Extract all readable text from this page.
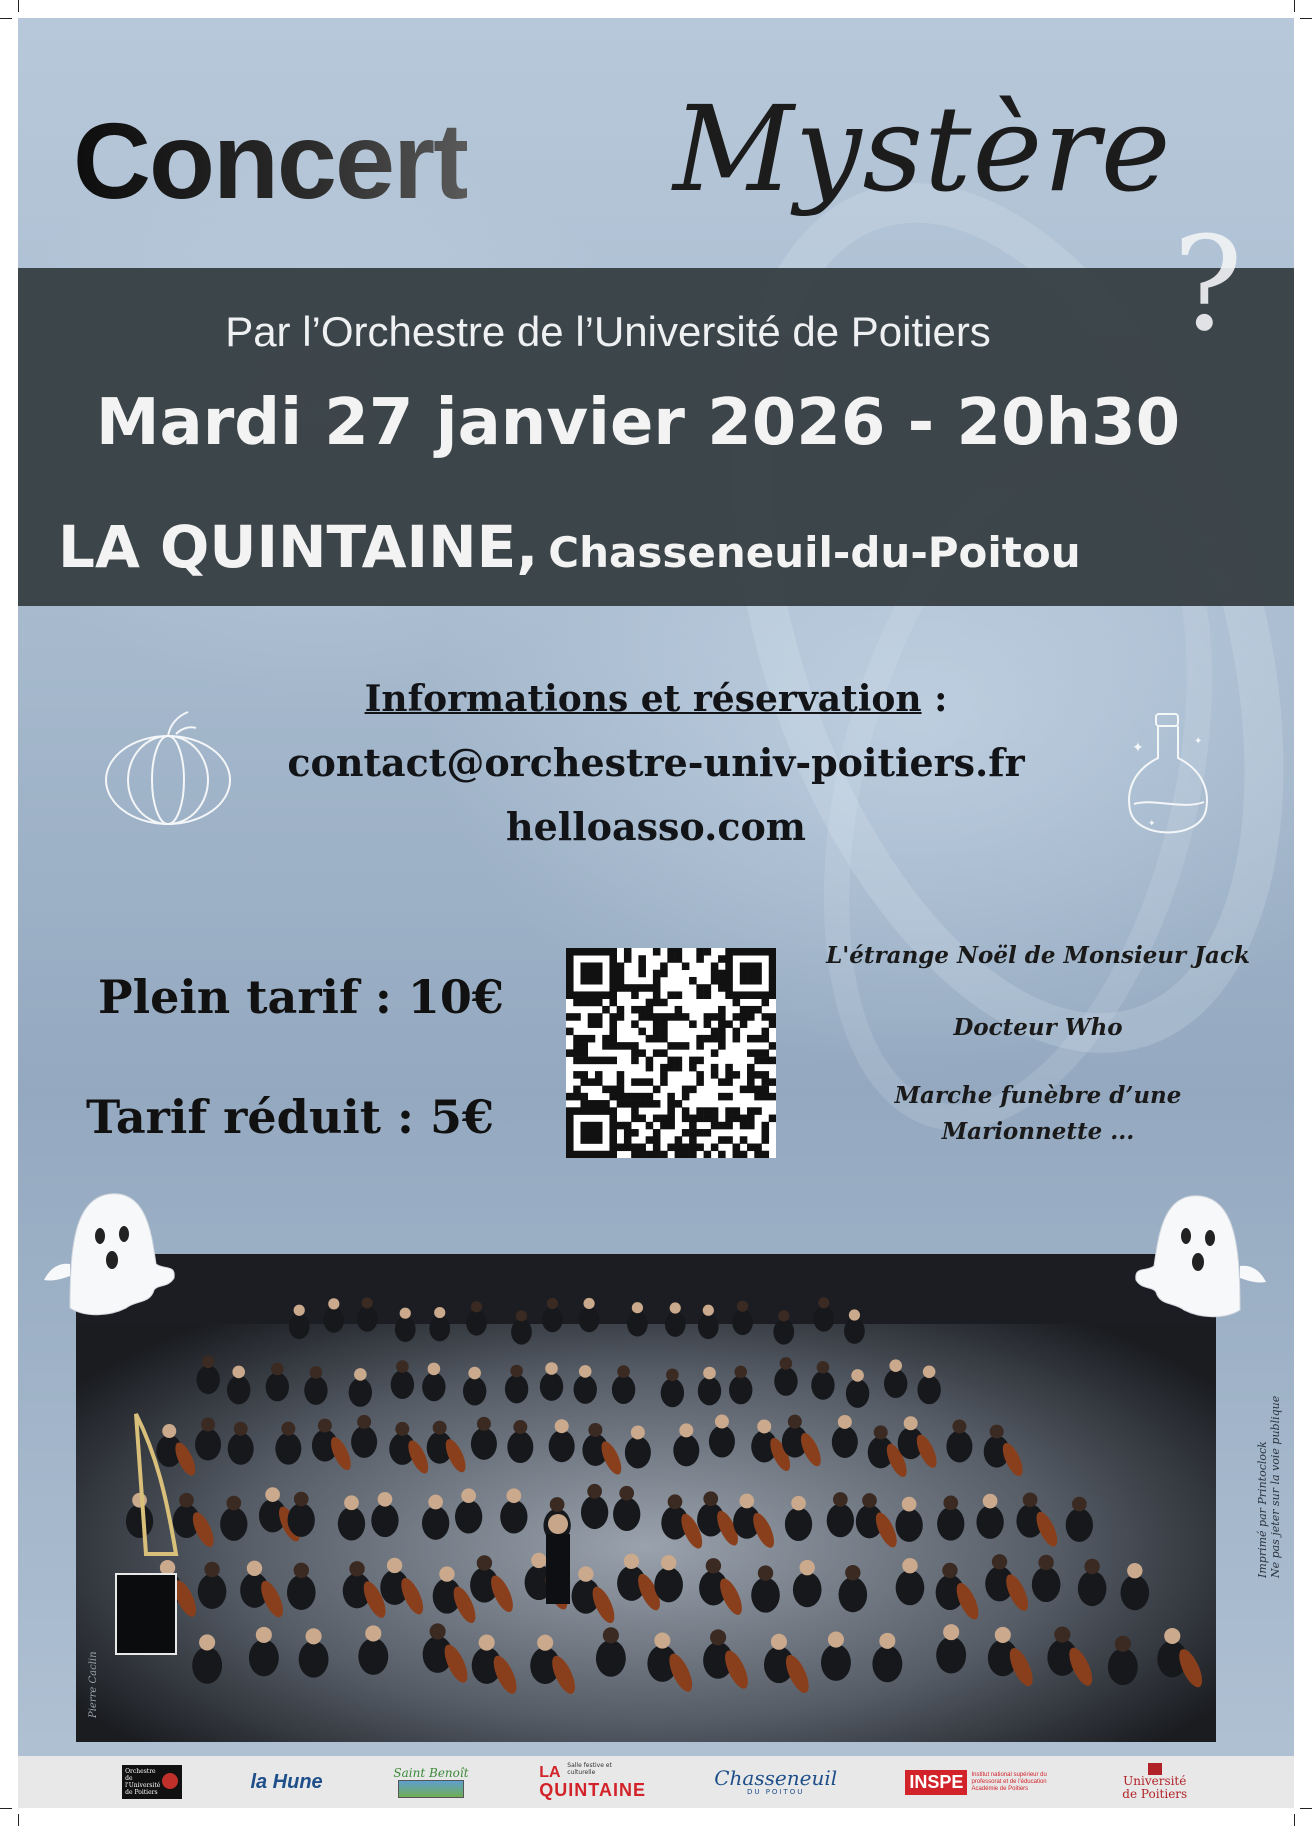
Concert Mystère
?
Par l’Orchestre de l’Université de Poitiers
Mardi 27 janvier 2026 - 20h30
LA QUINTAINE, Chasseneuil-du-Poitou
Informations et réservation :
contact@orchestre-univ-poitiers.fr
helloasso.com
✦	✦
✦
Plein tarif : 10€
Tarif réduit : 5€
L'étrange Noël de Monsieur Jack
Docteur Who
Marche funèbre d’une Marionnette ...
Pierre Caclin
Imprimé par Printoclock Ne pas jeter sur la voie publique
Orchestre de l'Université de Poitiers	la Hune	Saint Benoît	LA
QUINTAINE
Salle festive et culturelle	Chasseneuil
DU POITOU
INSPE	Institut national supérieur du professorat et de l'éducation Académie de Poitiers
Université de Poitiers
